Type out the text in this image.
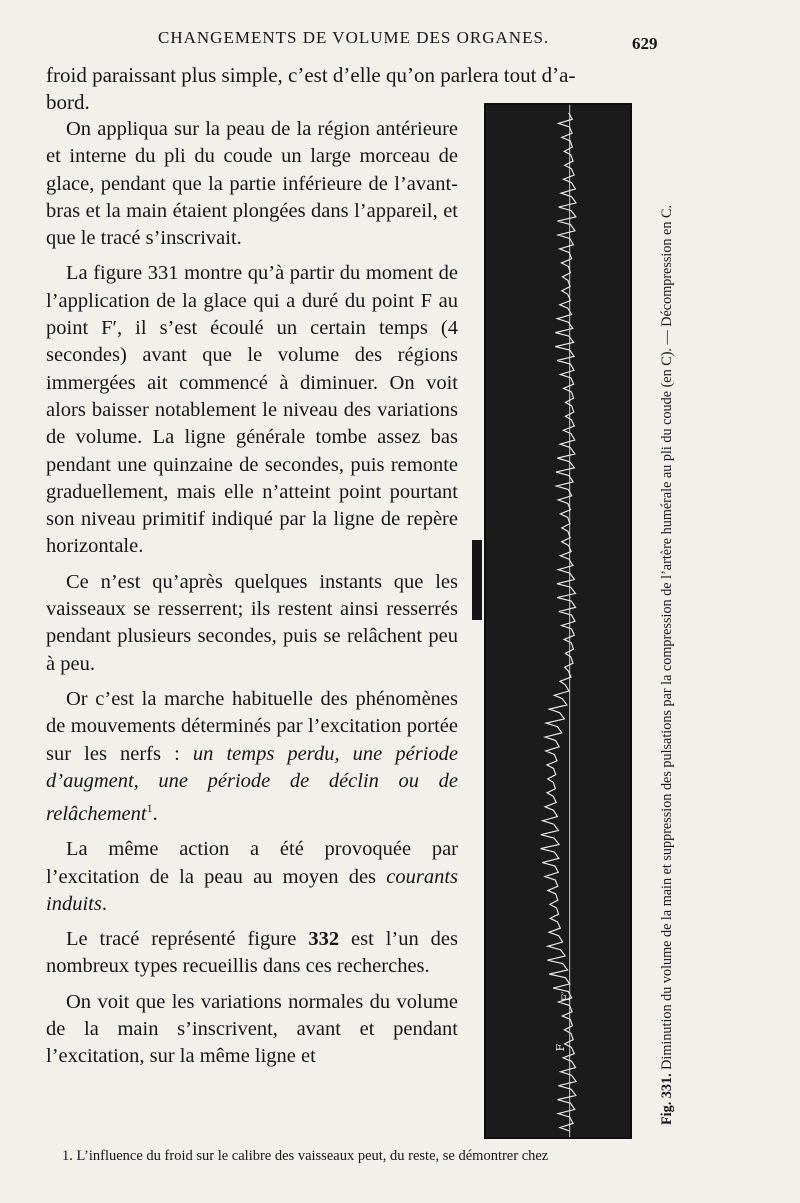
CHANGEMENTS DE VOLUME DES ORGANES.	629
froid paraissant plus simple, c’est d’elle qu’on parlera tout d’a-
bord.

On appliqua sur la peau de la région antérieure et interne du pli du coude un large morceau de glace, pendant que la partie inférieure de l’avant-bras et la main étaient plongées dans l’appareil, et que le tracé s’inscrivait.

La figure 331 montre qu’à partir du moment de l’application de la glace qui a duré du point F au point F′, il s’est écoulé un certain temps (4 secondes) avant que le volume des régions immergées ait commencé à diminuer. On voit alors baisser notablement le niveau des variations de volume. La ligne générale tombe assez bas pendant une quinzaine de secondes, puis remonte graduellement, mais elle n’atteint point pourtant son niveau primitif indiqué par la ligne de repère horizontale.

Ce n’est qu’après quelques instants que les vaisseaux se resserrent; ils restent ainsi resserrés pendant plusieurs secondes, puis se relâchent peu à peu.

Or c’est la marche habituelle des phénomènes de mouvements déterminés par l’excitation portée sur les nerfs : un temps perdu, une période d’augment, une période de déclin ou de relâchement$^1$.

La même action a été provoquée par l’excitation de la peau au moyen des courants induits.

Le tracé représenté figure 332 est l’un des nombreux types recueillis dans ces recherches.

On voit que les variations normales du volume de la main s’inscrivent, avant et pendant l’excitation, sur la même ligne et	F
F′
Fig. 331. Diminution du volume de la main et suppression des pulsations par la compression de l’artère humérale au pli du coude (en C). — Décompression en C.
1. L’influence du froid sur le calibre des vaisseaux peut, du reste, se démontrer chez
